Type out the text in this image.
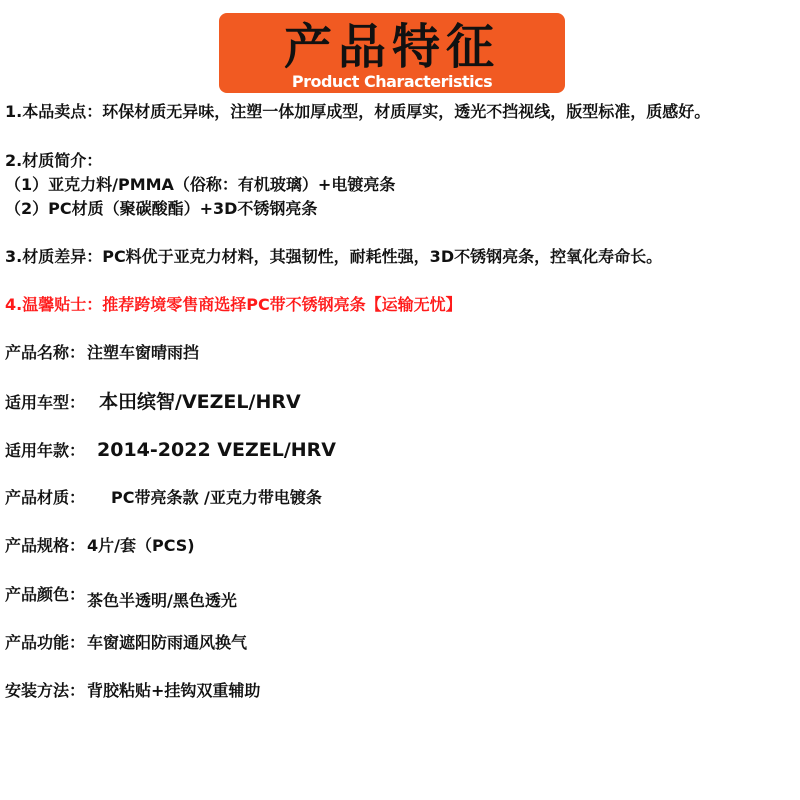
产品特征
Product Characteristics
1.本品卖点：环保材质无异味，注塑一体加厚成型，材质厚实，透光不挡视线，版型标准，质感好。
2.材质简介：
（1）亚克力料/PMMA（俗称：有机玻璃）+电镀亮条
（2）PC材质（聚碳酸酯）+3D不锈钢亮条
3.材质差异：PC料优于亚克力材料，其强韧性，耐耗性强，3D不锈钢亮条，控氧化寿命长。
4.温馨贴士：推荐跨境零售商选择PC带不锈钢亮条【运输无忧】
产品名称： 注塑车窗晴雨挡
适用车型： 本田缤智/VEZEL/HRV
适用年款： 2014-2022 VEZEL/HRV
产品材质： PC带亮条款 /亚克力带电镀条
产品规格： 4片/套（PCS)
产品颜色： 茶色半透明/黑色透光
产品功能： 车窗遮阳防雨通风换气
安装方法： 背胶粘贴+挂钩双重辅助
